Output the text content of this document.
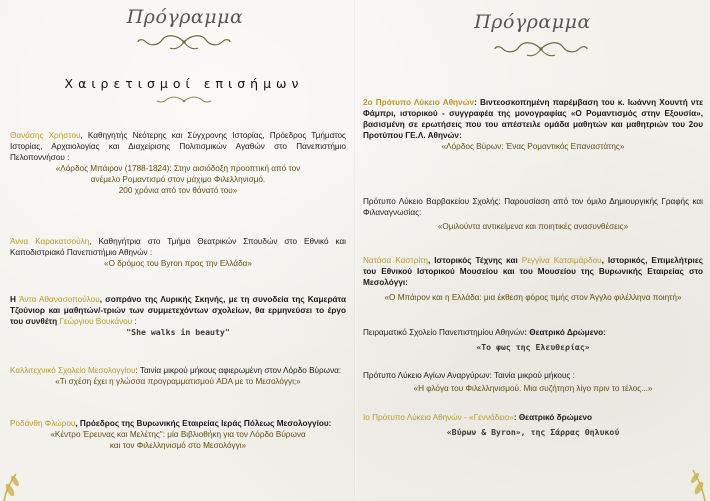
Πρόγραμμα
Χαιρετισμοί επισήμων
Θανάσης Χρήστου, Καθηγητής Νεότερης και Σύγχρονης Ιστορίας, Πρόεδρος Τμήματος Ιστορίας, Αρχαιολογίας και Διαχείρισης Πολιτισμικών Αγαθών στο Πανεπιστήμιο Πελοποννήσου :
«Λόρδος Μπάιρον (1788-1824): Στην αισιόδοξη προοπτική από τον
ανέμελο Ρομαντισμό στον μάχιμο Φιλελληνισμό.
200 χρόνια από τον θάνατό του»
Άννα Καρακατσούλη, Καθηγήτρια στο Τμήμα Θεατρικών Σπουδών στο Εθνικό και Καποδιστριακό Πανεπιστήμιο Αθηνών :
«Ο δρόμος του Byron προς την Ελλάδα»
Η Άντα Αθανασοπούλου, σοπράνο της Λυρικής Σκηνής, με τη συνοδεία της Καμεράτα Τζούνιορ και μαθητών/-τριών των συμμετεχόντων σχολείων, θα ερμηνεύσει το έργο του συνθέτη Γεώργιου Βουκάνου :
"She walks in beauty"
Καλλιτεχνικό Σχολείο Μεσολογγίου: Ταινία μικρού μήκους αφιερωμένη στον Λόρδο Βύρωνα:
«Τι σχέση έχει η γλώσσα προγραμματισμού ADA με το Μεσολόγγι;»
Ροδάνθη Φλώρου, Πρόεδρος της Βυρωνικής Εταιρείας Ιεράς Πόλεως Μεσολογγίου:
«Κέντρο Έρευνας και Μελέτης": μία Βιβλιοθήκη για τον Λόρδο Βύρωνα
και τον Φιλελληνισμό στο Μεσολόγγι»
Πρόγραμμα
2ο Πρότυπο Λύκειο Αθηνών: Βιντεοσκοπημένη παρέμβαση του κ. Ιωάννη Χουντή ντε Φάμπρι, ιστορικού - συγγραφέα της μονογραφίας «Ο Ρομαντισμός στην Εξουσία», βασισμένη σε ερωτήσεις που του απέστειλε ομάδα μαθητών και μαθητριών του 2ου Προτύπου ΓΕ.Λ. Αθηνών:
«Λόρδος Βύρων: Ένας Ρομαντικός Επαναστάτης»
Πρότυπο Λύκειο Βαρβακείου Σχολής: Παρουσίαση από τον όμιλο Δημιουργικής Γραφής και Φιλαναγνωσίας:
«Ομιλούντα αντικείμενα και ποιητικές ανασυνθέσεις»
Νατάσα Καστρίτη, Ιστορικός Τέχνης και Ρεγγίνα Κατσιμάρδου, Ιστορικός, Επιμελήτριες του Εθνικού Ιστορικού Μουσείου και του Μουσείου της Βυρωνικής Εταιρείας στο Μεσολόγγι:
«Ο Μπάιρον και η Ελλάδα: μια έκθεση φόρος τιμής στον Άγγλο φιλέλληνα ποιητή»
Πειραματικό Σχολείο Πανεπιστημίου Αθηνών: Θεατρικό Δρώμενο:
«Το φως της Ελευθερίας»
Πρότυπο Λύκειο Αγίων Αναργύρων: Ταινία μικρού μήκους :
«Η φλόγα του Φιλελληνισμού. Μια συζήτηση λίγο πριν το τέλος...»
Ιο Πρότυπο Λύκειο Αθηνών - «Γεννάδειο»: Θεατρικό δρώμενο
«Βύρων & Byron», της Σάρρας Θηλυκού
